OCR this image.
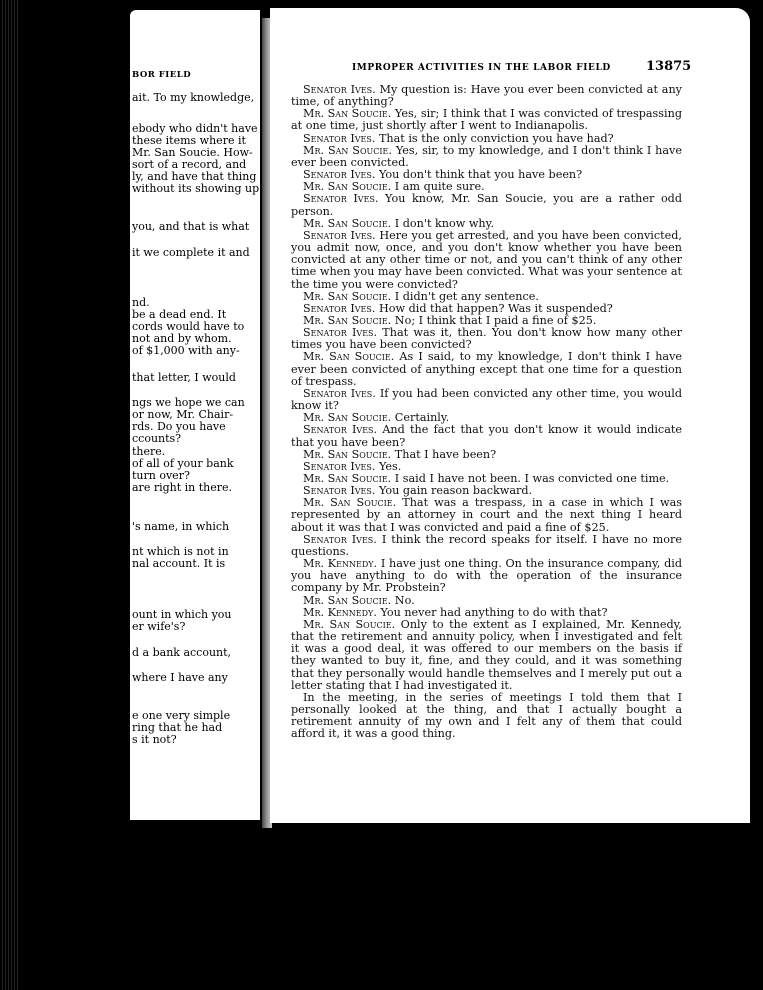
BOR FIELD
ait. To my knowledge,
ebody who didn't have
these items where it
Mr. San Soucie. How-
sort of a record, and
ly, and have that thing
without its showing up
you, and that is what
it we complete it and
nd.
be a dead end. It
cords would have to
not and by whom.
of $1,000 with any-
that letter, I would
ngs we hope we can
or now, Mr. Chair-
rds. Do you have
ccounts?
there.
of all of your bank
turn over?
are right in there.
's name, in which
nt which is not in
nal account. It is
ount in which you
er wife's?
d a bank account,
where I have any
e one very simple
ring that he had
s it not?
IMPROPER ACTIVITIES IN THE LABOR FIELD	13875

Senator Ives. My question is: Have you ever been convicted at any time, of anything?

Mr. San Soucie. Yes, sir; I think that I was convicted of trespassing at one time, just shortly after I went to Indianapolis.

Senator Ives. That is the only conviction you have had?

Mr. San Soucie. Yes, sir, to my knowledge, and I don't think I have ever been convicted.

Senator Ives. You don't think that you have been?

Mr. San Soucie. I am quite sure.

Senator Ives. You know, Mr. San Soucie, you are a rather odd person.

Mr. San Soucie. I don't know why.

Senator Ives. Here you get arrested, and you have been convicted, you admit now, once, and you don't know whether you have been convicted at any other time or not, and you can't think of any other time when you may have been convicted. What was your sentence at the time you were convicted?

Mr. San Soucie. I didn't get any sentence.

Senator Ives. How did that happen? Was it suspended?

Mr. San Soucie. No; I think that I paid a fine of $25.

Senator Ives. That was it, then. You don't know how many other times you have been convicted?

Mr. San Soucie. As I said, to my knowledge, I don't think I have ever been convicted of anything except that one time for a question of trespass.

Senator Ives. If you had been convicted any other time, you would know it?

Mr. San Soucie. Certainly.

Senator Ives. And the fact that you don't know it would indicate that you have been?

Mr. San Soucie. That I have been?

Senator Ives. Yes.

Mr. San Soucie. I said I have not been. I was convicted one time.

Senator Ives. You gain reason backward.

Mr. San Soucie. That was a trespass, in a case in which I was represented by an attorney in court and the next thing I heard about it was that I was convicted and paid a fine of $25.

Senator Ives. I think the record speaks for itself. I have no more questions.

Mr. Kennedy. I have just one thing. On the insurance company, did you have anything to do with the operation of the insurance company by Mr. Probstein?

Mr. San Soucie. No.

Mr. Kennedy. You never had anything to do with that?

Mr. San Soucie. Only to the extent as I explained, Mr. Kennedy, that the retirement and annuity policy, when I investigated and felt it was a good deal, it was offered to our members on the basis if they wanted to buy it, fine, and they could, and it was something that they personally would handle themselves and I merely put out a letter stating that I had investigated it.

In the meeting, in the series of meetings I told them that I personally looked at the thing, and that I actually bought a retirement annuity of my own and I felt any of them that could afford it, it was a good thing.
